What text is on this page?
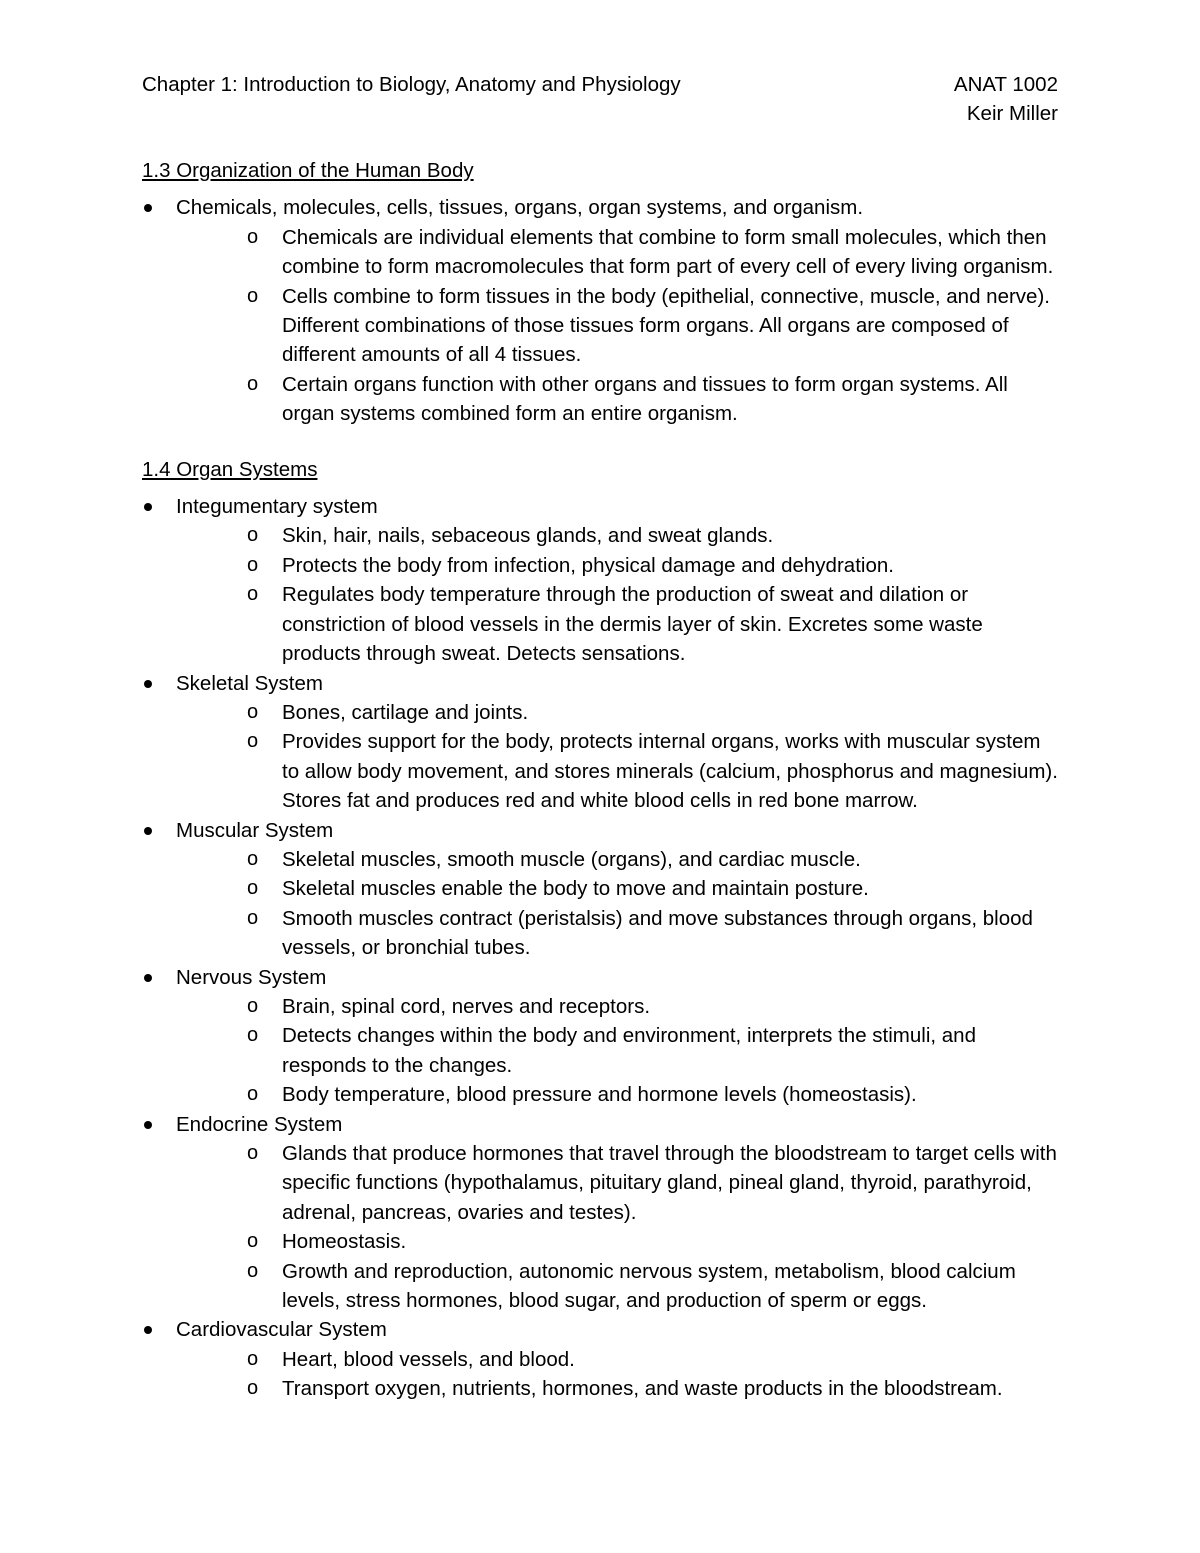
Chapter 1: Introduction to Biology, Anatomy and Physiology	ANAT 1002
Keir Miller
1.3 Organization of the Human Body
Chemicals, molecules, cells, tissues, organs, organ systems, and organism.
o	Chemicals are individual elements that combine to form small molecules, which then combine to form macromolecules that form part of every cell of every living organism.
o	Cells combine to form tissues in the body (epithelial, connective, muscle, and nerve). Different combinations of those tissues form organs. All organs are composed of different amounts of all 4 tissues.
o	Certain organs function with other organs and tissues to form organ systems. All organ systems combined form an entire organism.
1.4 Organ Systems
Integumentary system
o	Skin, hair, nails, sebaceous glands, and sweat glands.
o	Protects the body from infection, physical damage and dehydration.
o	Regulates body temperature through the production of sweat and dilation or constriction of blood vessels in the dermis layer of skin. Excretes some waste products through sweat. Detects sensations.
Skeletal System
o	Bones, cartilage and joints.
o	Provides support for the body, protects internal organs, works with muscular system to allow body movement, and stores minerals (calcium, phosphorus and magnesium). Stores fat and produces red and white blood cells in red bone marrow.
Muscular System
o	Skeletal muscles, smooth muscle (organs), and cardiac muscle.
o	Skeletal muscles enable the body to move and maintain posture.
o	Smooth muscles contract (peristalsis) and move substances through organs, blood vessels, or bronchial tubes.
Nervous System
o	Brain, spinal cord, nerves and receptors.
o	Detects changes within the body and environment, interprets the stimuli, and responds to the changes.
o	Body temperature, blood pressure and hormone levels (homeostasis).
Endocrine System
o	Glands that produce hormones that travel through the bloodstream to target cells with specific functions (hypothalamus, pituitary gland, pineal gland, thyroid, parathyroid, adrenal, pancreas, ovaries and testes).
o	Homeostasis.
o	Growth and reproduction, autonomic nervous system, metabolism, blood calcium levels, stress hormones, blood sugar, and production of sperm or eggs.
Cardiovascular System
o	Heart, blood vessels, and blood.
o	Transport oxygen, nutrients, hormones, and waste products in the bloodstream.
